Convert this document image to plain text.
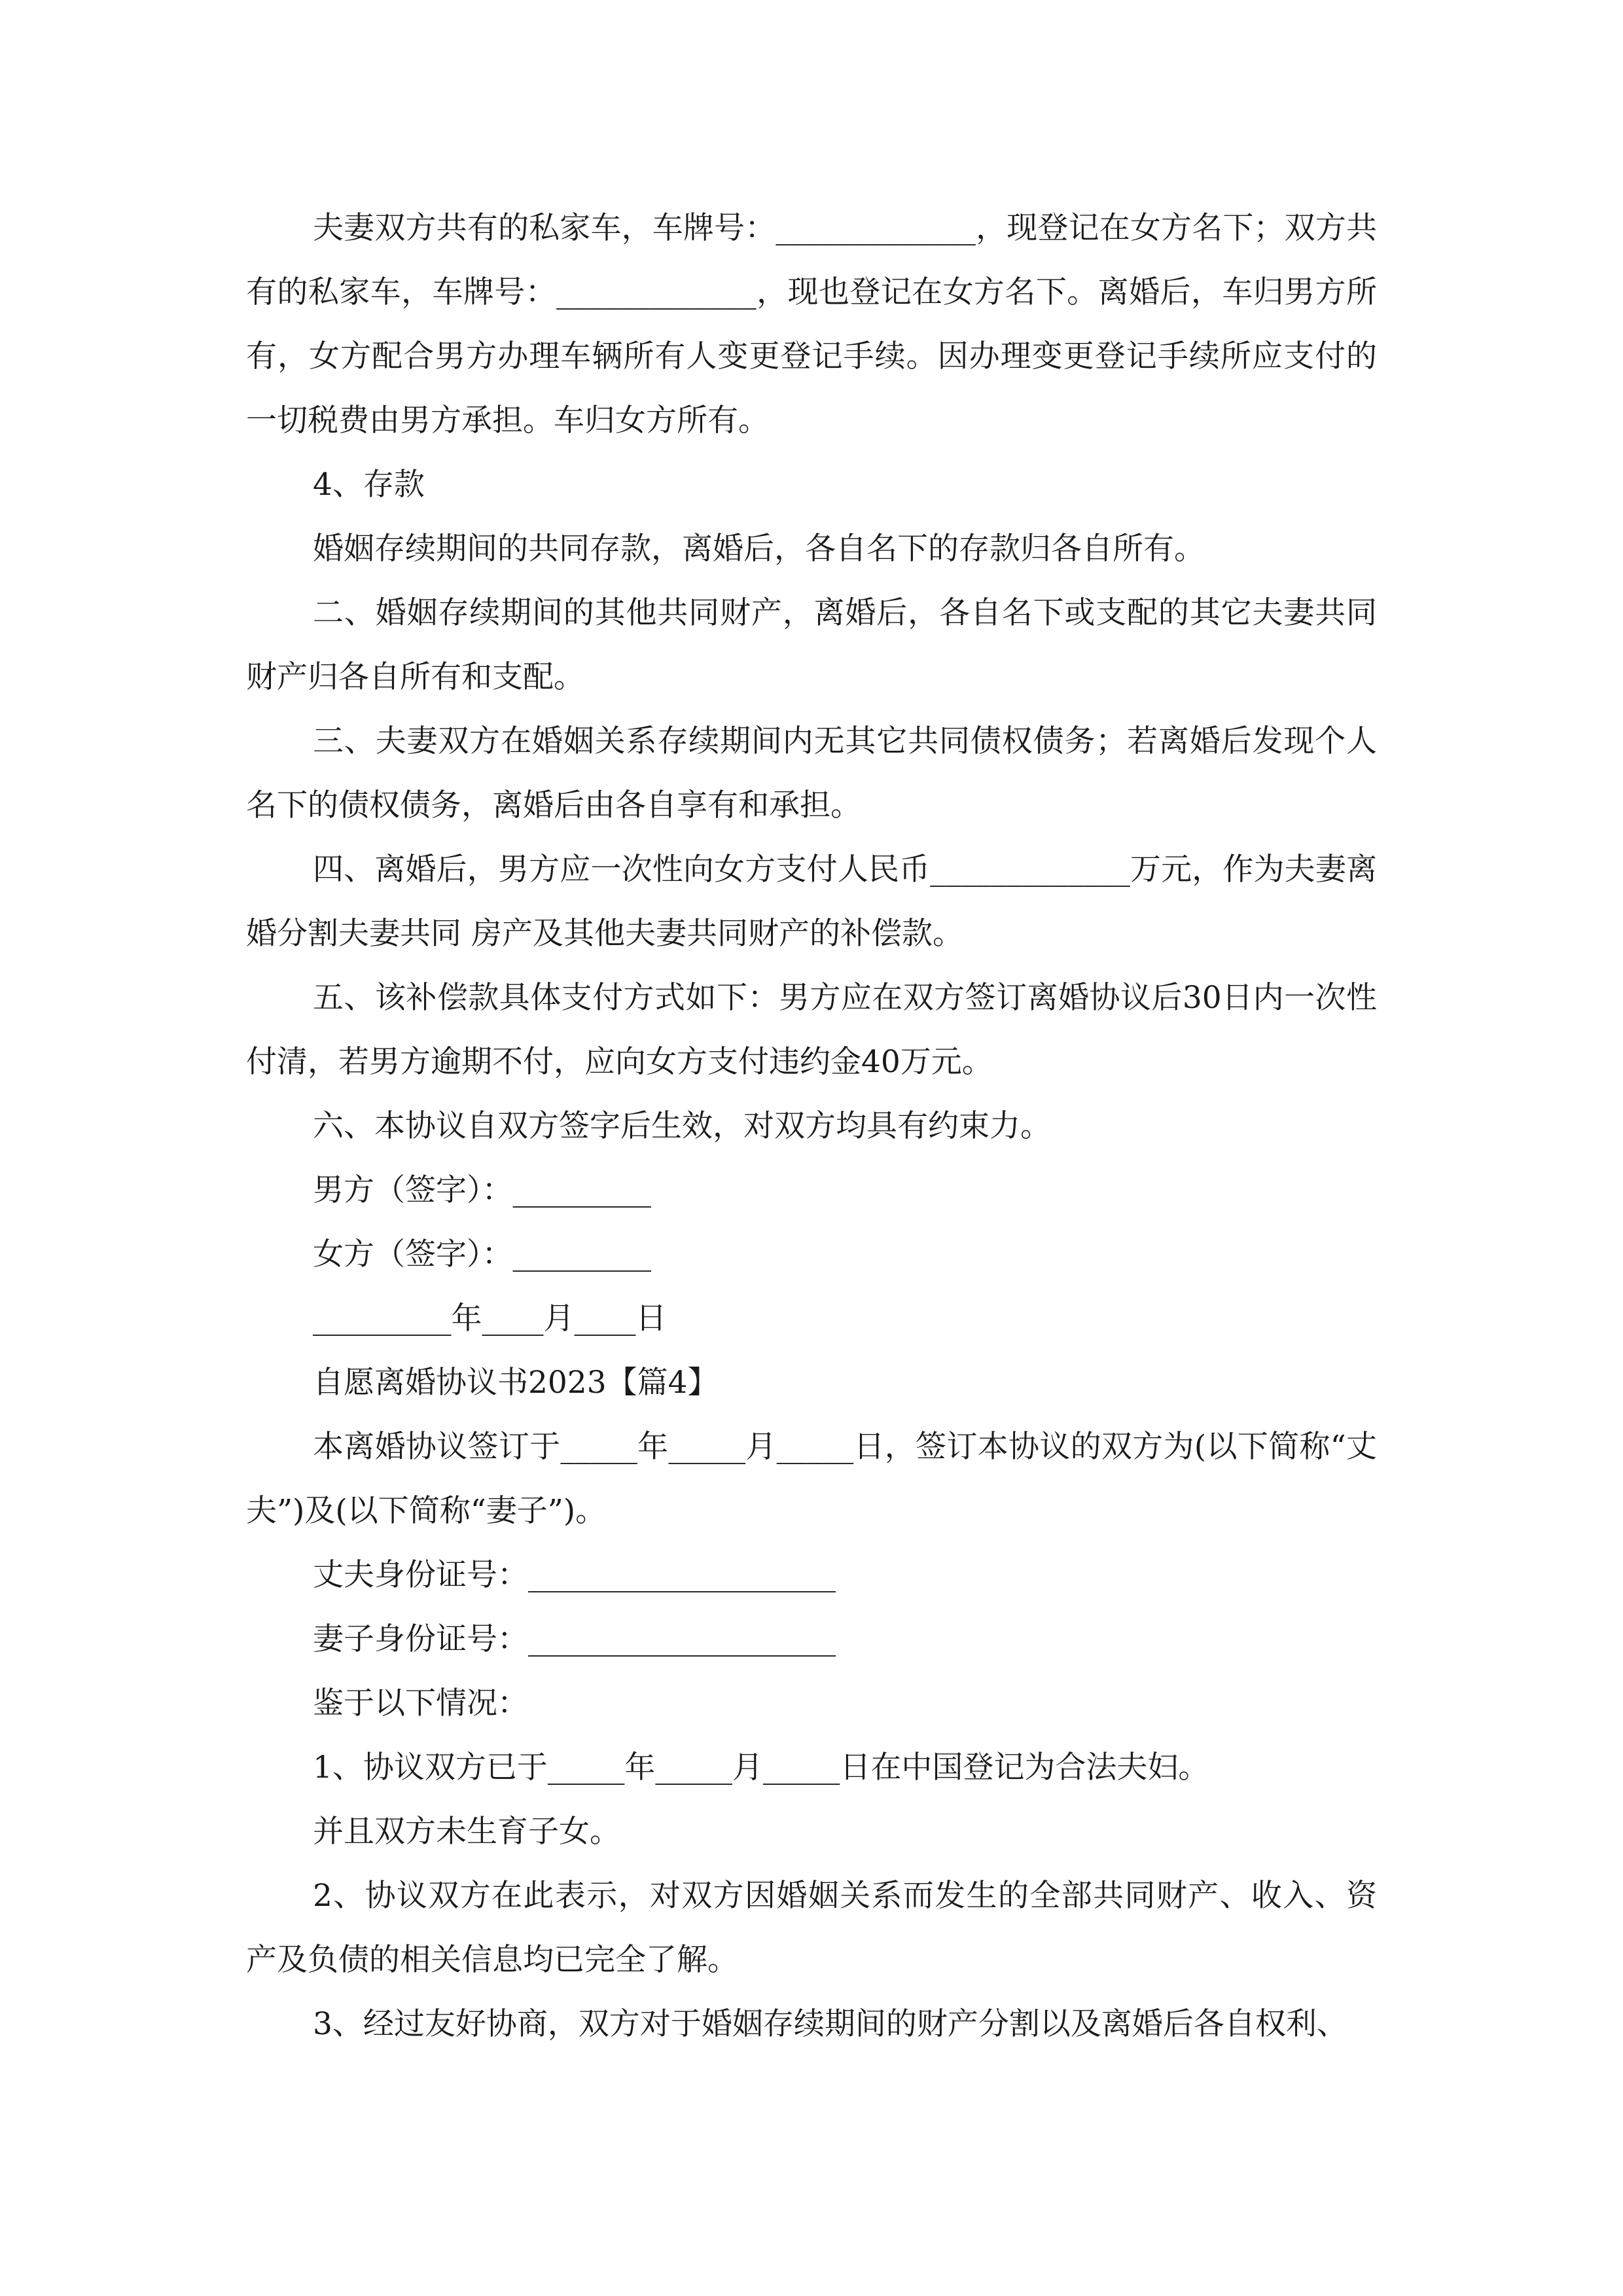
夫妻双方共有的私家车，车牌号：_____________，现登记在女方名下；双方共有的私家车，车牌号：_____________，现也登记在女方名下。离婚后，车归男方所有，女方配合男方办理车辆所有人变更登记手续。因办理变更登记手续所应支付的一切税费由男方承担。车归女方所有。

4、存款

婚姻存续期间的共同存款，离婚后，各自名下的存款归各自所有。

二、婚姻存续期间的其他共同财产，离婚后，各自名下或支配的其它夫妻共同财产归各自所有和支配。

三、夫妻双方在婚姻关系存续期间内无其它共同债权债务；若离婚后发现个人名下的债权债务，离婚后由各自享有和承担。

四、离婚后，男方应一次性向女方支付人民币_____________万元，作为夫妻离婚分割夫妻共同 房产及其他夫妻共同财产的补偿款。

五、该补偿款具体支付方式如下：男方应在双方签订离婚协议后30日内一次性付清，若男方逾期不付，应向女方支付违约金40万元。

六、本协议自双方签字后生效，对双方均具有约束力。

男方（签字）：_________

女方（签字）：_________

_________年____月____日

自愿离婚协议书2023【篇4】

本离婚协议签订于_____年_____月_____日，签订本协议的双方为(以下简称“丈夫”)及(以下简称“妻子”)。

丈夫身份证号：____________________

妻子身份证号：____________________

鉴于以下情况：

1、协议双方已于_____年_____月_____日在中国登记为合法夫妇。

并且双方未生育子女。

2、协议双方在此表示，对双方因婚姻关系而发生的全部共同财产、收入、资产及负债的相关信息均已完全了解。

3、经过友好协商，双方对于婚姻存续期间的财产分割以及离婚后各自权利、
